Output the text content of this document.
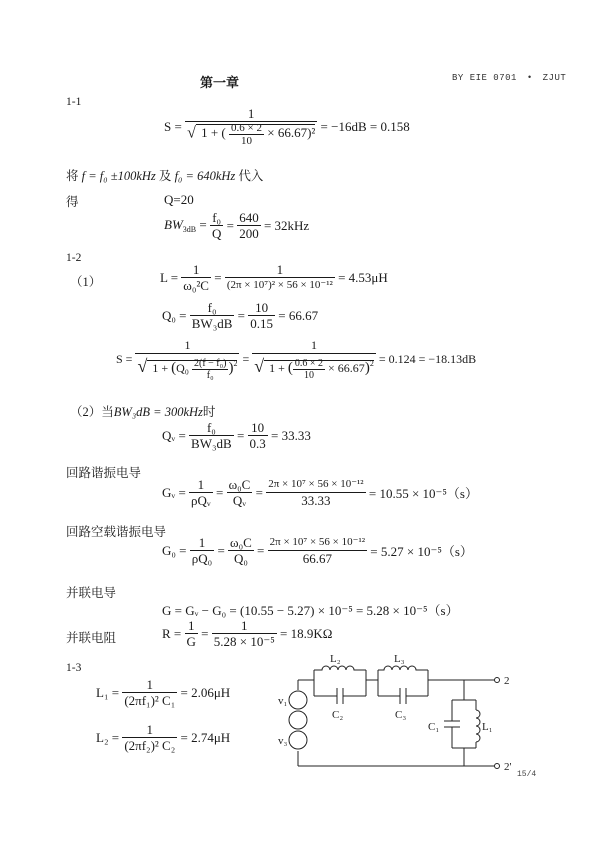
第一章	BY EIE 0701 • ZJUT
1-1
S =
1
√ 1 + ( $\frac{0.6 \times 2}{10} \times 66.67)^2 = -16dB = 0.158$
将 f = f₀ ±100kHz 及 f₀ = 640kHz 代入
得	Q=20
$BW_{3dB} = \frac{\text{f₀}}{Q} = \frac{640}{200} = 32kHz$
1-2
（1）	$L = \frac{1}{\text{ω₀²C}} = \frac{1}{\text{(2π × 10⁷)² × 56 × 10⁻¹²}} = 4.53\mu H$
$Q_0 = \frac{\text{f₀}}{\text{BW₃dB}} = \frac{10}{0.15} = 66.67$
$S = \frac{1}{√ 1 + (Q_0 \frac{\text{2(f − f₀)}}{\text{f₀}} )^2} = \frac{1}{√ 1 + ( \frac{0.6 \times 2}{10} \times 66.67)^2} = 0.124 = -18.13dB$
（2）当BW₃dB = 300kHz时
Qᵥ = $\frac{\text{f₀}}{\text{BW₃dB}} = \frac{10}{0.3} = 33.33$
回路谐振电导
Gᵥ = $\frac{1}{\text{ρQᵥ}} = \frac{\text{ω₀C}}{\text{Qᵥ}} = \frac{\text{2π × 10⁷ × 56 × 10⁻¹²}}{33.33} = 10.55 \times 10^{-5}(s)$
回路空载谐振电导
$G_0 = \frac{1}{\text{ρQ₀}} = \frac{\text{ω₀C}}{\text{Q₀}} = \frac{\text{2π × 10⁷ × 56 × 10⁻¹²}}{66.67} = 5.27 \times 10^{-5}(s)$
并联电导
G = Gᵥ − G₀ = (10.55 − 5.27) × 10⁻⁵ = 5.28 × 10⁻⁵（s）
并联电阻	$R = \frac{1}{G} = \frac{1}{\text{5.28 × 10⁻⁵}} = 18.9K\Omega$
1-3
$L_1 = \frac{1}{\text{(2πf₁)² C₁}} = 2.06\mu H$
$L_2 = \frac{1}{\text{(2πf₂)² C₂}} = 2.74\mu H$
L₂	L₃
C₂	C₃
C₁	L₁
v₁
v₃
2
2'
15/4
